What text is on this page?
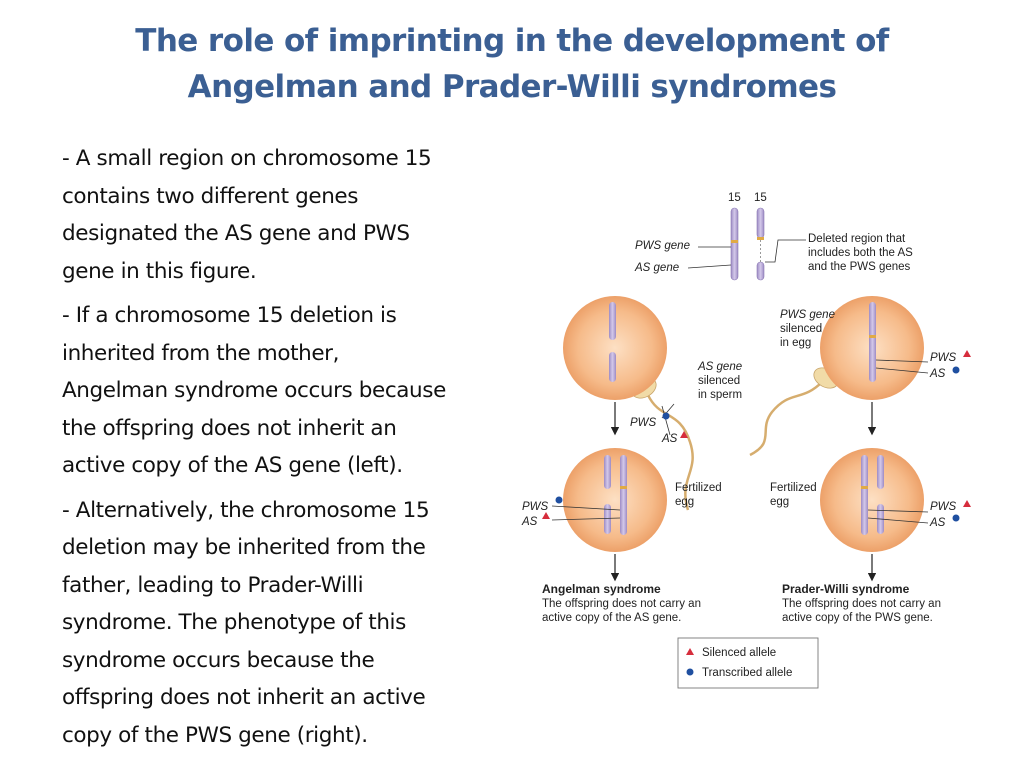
The role of imprinting in the development of
Angelman and Prader-Willi syndromes

- A small region on chromosome 15

contains two different genes

designated the AS gene and PWS

gene in this figure.

- If a chromosome 15 deletion is

inherited from the mother,

Angelman syndrome occurs because

the offspring does not inherit an

active copy of the AS gene (left).

- Alternatively, the chromosome 15

deletion may be inherited from the

father, leading to Prader-Willi

syndrome. The phenotype of this

syndrome occurs because the

offspring does not inherit an active

copy of the PWS gene (right).

15 15
PWS gene
AS gene
Deleted region that
includes both the AS
and the PWS genes
PWS
AS
PWS gene
silenced
in egg
AS gene
silenced
in sperm
PWS
AS
PWS
AS
Fertilized
egg	PWS
AS
Fertilized
egg
Angelman syndrome
The offspring does not carry an
active copy of the AS gene.
Prader-Willi syndrome
The offspring does not carry an
active copy of the PWS gene.
Silenced allele
Transcribed allele
